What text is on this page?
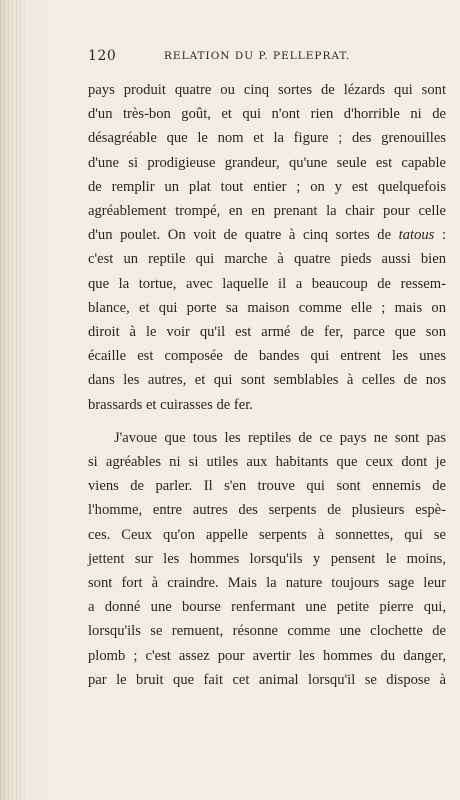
120	RELATION DU P. PELLEPRAT.

pays produit quatre ou cinq sortes de lézards qui sont
d'un très-bon goût, et qui n'ont rien d'horrible ni de
désagréable que le nom et la figure ; des grenouilles
d'une si prodigieuse grandeur, qu'une seule est capable
de remplir un plat tout entier ; on y est quelquefois
agréablement trompé, en en prenant la chair pour celle
d'un poulet. On voit de quatre à cinq sortes de tatous :
c'est un reptile qui marche à quatre pieds aussi bien
que la tortue, avec laquelle il a beaucoup de ressem-
blance, et qui porte sa maison comme elle ; mais on
diroit à le voir qu'il est armé de fer, parce que son
écaille est composée de bandes qui entrent les unes
dans les autres, et qui sont semblables à celles de nos
brassards et cuirasses de fer.

J'avoue que tous les reptiles de ce pays ne sont pas
si agréables ni si utiles aux habitants que ceux dont je
viens de parler. Il s'en trouve qui sont ennemis de
l'homme, entre autres des serpents de plusieurs espè-
ces. Ceux qu'on appelle serpents à sonnettes, qui se
jettent sur les hommes lorsqu'ils y pensent le moins,
sont fort à craindre. Mais la nature toujours sage leur
a donné une bourse renfermant une petite pierre qui,
lorsqu'ils se remuent, résonne comme une clochette de
plomb ; c'est assez pour avertir les hommes du danger,
par le bruit que fait cet animal lorsqu'il se dispose à
